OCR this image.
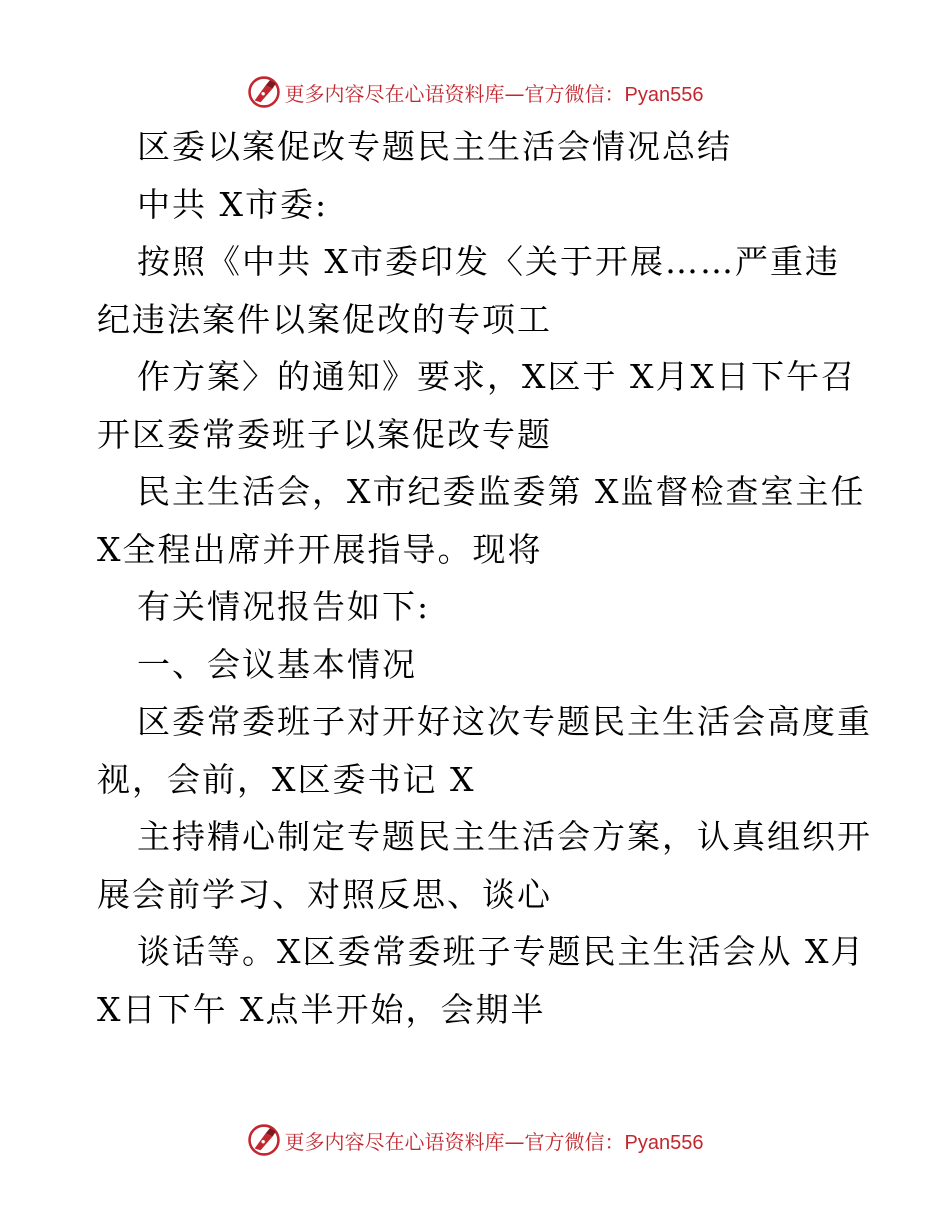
更多内容尽在心语资料库—官方微信：Pyan556
区委以案促改专题民主生活会情况总结
中共 X市委:
按照《中共 X市委印发〈关于开展……严重违
纪违法案件以案促改的专项工
作方案〉的通知》要求，X区于 X月X日下午召
开区委常委班子以案促改专题
民主生活会，X市纪委监委第 X监督检查室主任
X全程出席并开展指导。现将
有关情况报告如下:
一、会议基本情况
区委常委班子对开好这次专题民主生活会高度重
视，会前，X区委书记 X
主持精心制定专题民主生活会方案，认真组织开
展会前学习、对照反思、谈心
谈话等。X区委常委班子专题民主生活会从 X月
X日下午 X点半开始，会期半
更多内容尽在心语资料库—官方微信：Pyan556
